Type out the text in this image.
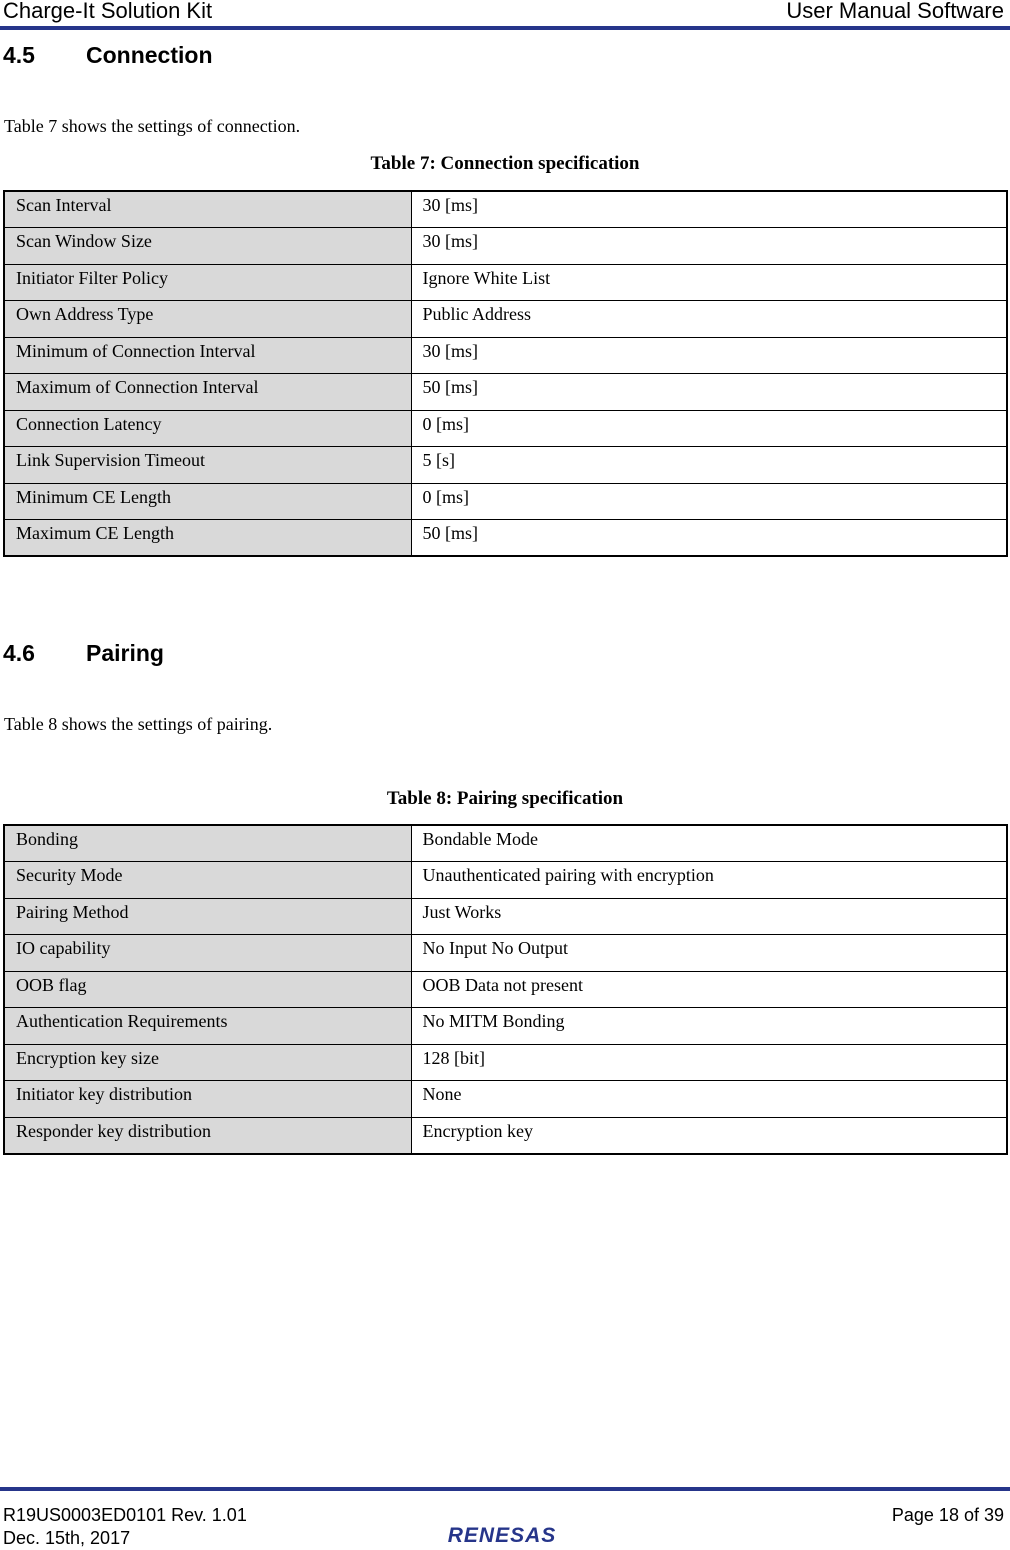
Charge-It Solution Kit	User Manual Software
4.5 Connection
Table 7 shows the settings of connection.
Table 7: Connection specification
Scan Interval	30 [ms]
Scan Window Size	30 [ms]
Initiator Filter Policy	Ignore White List
Own Address Type	Public Address
Minimum of Connection Interval	30 [ms]
Maximum of Connection Interval	50 [ms]
Connection Latency	0 [ms]
Link Supervision Timeout	5 [s]
Minimum CE Length	0 [ms]
Maximum CE Length	50 [ms]
4.6 Pairing
Table 8 shows the settings of pairing.
Table 8: Pairing specification
Bonding	Bondable Mode
Security Mode	Unauthenticated pairing with encryption
Pairing Method	Just Works
IO capability	No Input No Output
OOB flag	OOB Data not present
Authentication Requirements	No MITM Bonding
Encryption key size	128 [bit]
Initiator key distribution	None
Responder key distribution	Encryption key
R19US0003ED0101 Rev. 1.01
Dec. 15th, 2017
Page 18 of 39
RENESAS
